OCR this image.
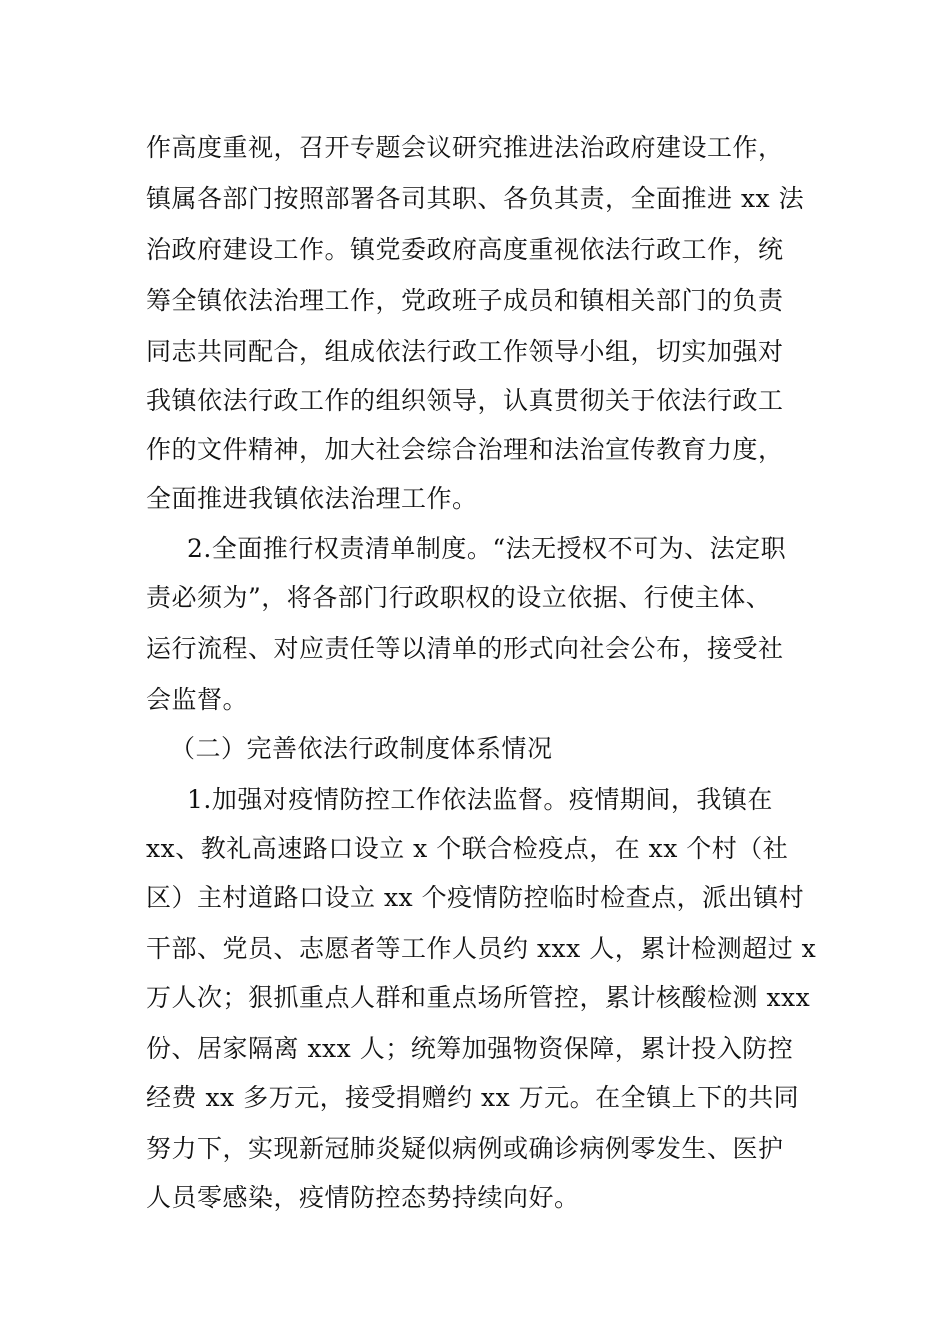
作高度重视，召开专题会议研究推进法治政府建设工作，
镇属各部门按照部署各司其职、各负其责，全面推进 xx 法
治政府建设工作。镇党委政府高度重视依法行政工作，统
筹全镇依法治理工作，党政班子成员和镇相关部门的负责
同志共同配合，组成依法行政工作领导小组，切实加强对
我镇依法行政工作的组织领导，认真贯彻关于依法行政工
作的文件精神，加大社会综合治理和法治宣传教育力度，
全面推进我镇依法治理工作。
2.全面推行权责清单制度。“法无授权不可为、法定职
责必须为”，将各部门行政职权的设立依据、行使主体、
运行流程、对应责任等以清单的形式向社会公布，接受社
会监督。
（二）完善依法行政制度体系情况
1.加强对疫情防控工作依法监督。疫情期间，我镇在
xx、教礼高速路口设立 x 个联合检疫点，在 xx 个村（社
区）主村道路口设立 xx 个疫情防控临时检查点，派出镇村
干部、党员、志愿者等工作人员约 xxx 人，累计检测超过 x
万人次；狠抓重点人群和重点场所管控，累计核酸检测 xxx
份、居家隔离 xxx 人；统筹加强物资保障，累计投入防控
经费 xx 多万元，接受捐赠约 xx 万元。在全镇上下的共同
努力下，实现新冠肺炎疑似病例或确诊病例零发生、医护
人员零感染，疫情防控态势持续向好。
